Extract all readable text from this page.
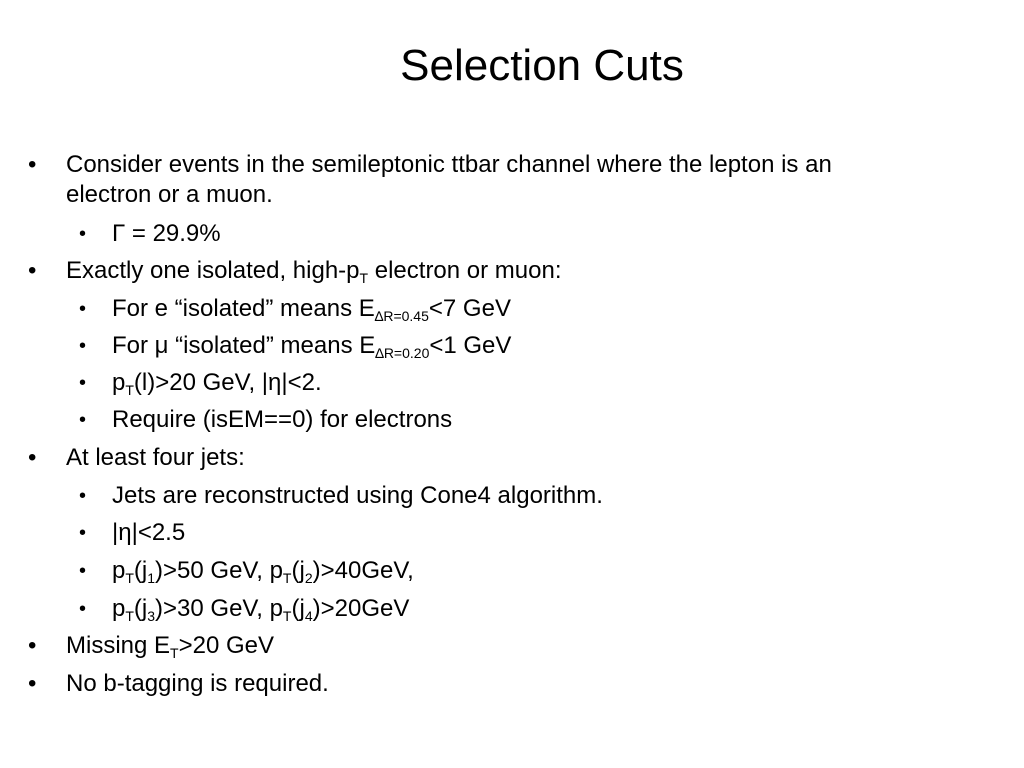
Selection Cuts
• Consider events in the semileptonic ttbar channel where the lepton is an
electron or a muon.
• Γ = 29.9%
• Exactly one isolated, high-$p_T$ electron or muon:
• For e “isolated” means $E_{\Delta R=0.45}<7$ GeV
• For μ “isolated” means $E_{\Delta R=0.20}<1$ GeV
• $p_T(l)>20$ GeV, |η|<2.
• Require (isEM==0) for electrons
• At least four jets:
• Jets are reconstructed using Cone4 algorithm.
• |η|<2.5
• $p_T(j_1)>50$ GeV, $p_T(j_2)>40GeV$,
• $p_T(j_3)>30$ GeV, $p_T(j_4)>20GeV$
• Missing $E_T>20$ GeV
• No b-tagging is required.
